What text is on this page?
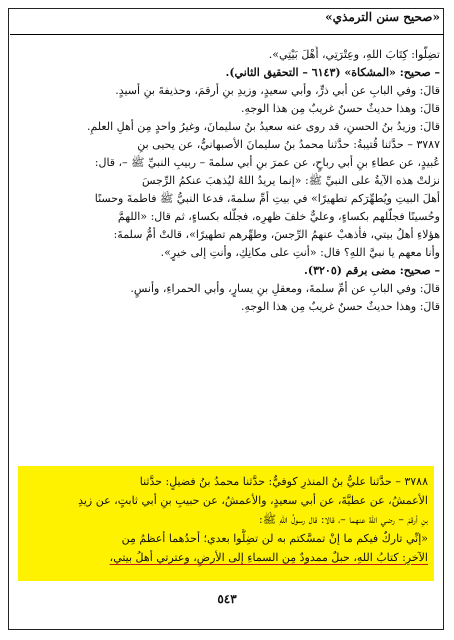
«صحيح سنن الترمذي»
تضِلُّوا: كِتَابَ اللهِ، وعِتْرَتِي، أَهْلَ بَيْتِي».
– صحيح: «المشكاة» (٦١٤٣ – التحقيق الثاني).
قالَ: وفي البابِ عن أبي ذرٍّ، وأبي سعيدٍ، وزيدِ بنِ أرقمَ، وحذيفةَ بنِ أسيدٍ.
قالَ: وهذا حديثٌ حسنٌ غريبٌ مِن هذا الوجهِ.
قالَ: وزيدُ بنُ الحسنِ، قد روى عنه سعيدُ بنُ سليمانَ، وغيرُ واحدٍ مِن أهلِ العلمِ.
٣٧٨٧ – حدَّثنا قُتيبةُ: حدَّثنا محمدُ بنُ سليمانَ الأصبهانيُّ، عن يحيى بنِ
عُبيدٍ، عن عطاءِ بنِ أبي رباحٍ، عن عمرَ بنِ أبي سلمةَ – ربيبِ النبيِّ ﷺ –، قال:
نزلتْ هذه الآيةُ على النبيِّ ﷺ: «إنما يريدُ اللهُ ليُذهبَ عنكمُ الرِّجسَ
أهلَ البيتِ ويُطهِّرَكم تطهيرًا» في بيتِ أمِّ سلمةَ، فدعا النبيُّ ﷺ فاطمةَ وحسنًا
وحُسينًا فجلَّلهم بكساءٍ، وعليٌّ خلفَ ظهرِه، فجلَّله بكساءٍ، ثم قال: «اللهمَّ
هؤلاءِ أهلُ بيتي، فأذهبْ عنهمُ الرِّجسَ، وطهِّرهم تطهيرًا»، قالتْ أمُّ سلمةَ:
وأنا معهم يا نبيَّ اللهِ؟ قال: «أنتِ على مكانِكِ، وأنتِ إلى خيرٍ».
– صحيح: مضى برقم (٣٢٠٥).
قالَ: وفي البابِ عن أمِّ سلمةَ، ومعقلِ بنِ يسارٍ، وأبي الحمراءِ، وأنسٍ.
قالَ: وهذا حديثٌ حسنٌ غريبٌ مِن هذا الوجهِ.
٣٧٨٨ – حدَّثنا عليُّ بنُ المنذرِ كوفيٌّ: حدَّثنا محمدُ بنُ فضيلٍ: حدَّثنا
الأعمشُ، عن عطيَّةَ، عن أبي سعيدٍ، والأعمشُ، عن حبيبِ بنِ أبي ثابتٍ، عن زيدِ
بنِ أرقمَ – رضي اللهُ عنهما –، قالا: قال رسولُ اللهِ ﷺ:
«إنِّي تاركٌ فيكم ما إنْ تمسَّكتم به لن تضِلُّوا بعدي؛ أحدُهما أعظمُ مِن
الآخرِ: كتابُ اللهِ، حبلٌ ممدودٌ مِن السماءِ إلى الأرضِ، وعترتي أهلُ بيتي،
٥٤٣
